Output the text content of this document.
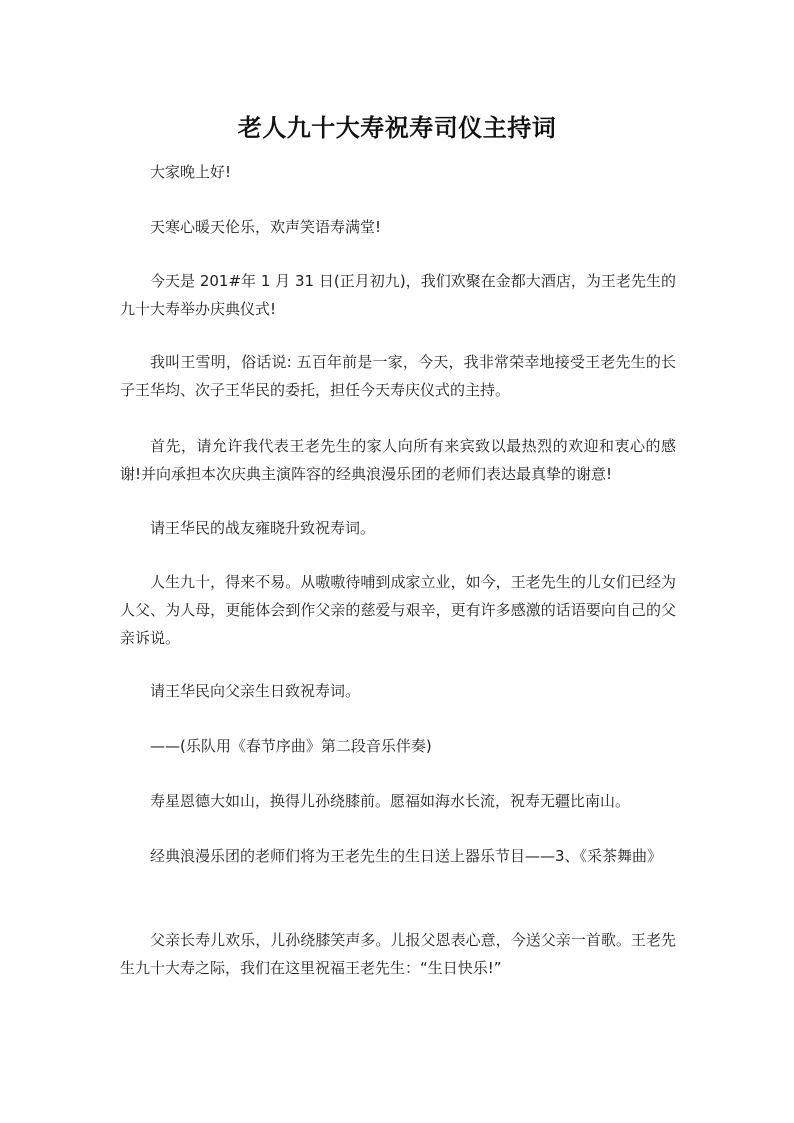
老人九十大寿祝寿司仪主持词

大家晚上好!

天寒心暖天伦乐，欢声笑语寿满堂!

今天是 201#年 1 月 31 日(正月初九)，我们欢聚在金都大酒店，为王老先生的九十大寿举办庆典仪式!

我叫王雪明，俗话说: 五百年前是一家，今天，我非常荣幸地接受王老先生的长子王华均、次子王华民的委托，担任今天寿庆仪式的主持。

首先，请允许我代表王老先生的家人向所有来宾致以最热烈的欢迎和衷心的感谢!并向承担本次庆典主演阵容的经典浪漫乐团的老师们表达最真挚的谢意!

请王华民的战友雍晓升致祝寿词。

人生九十，得来不易。从嗷嗷待哺到成家立业，如今，王老先生的儿女们已经为人父、为人母，更能体会到作父亲的慈爱与艰辛，更有许多感激的话语要向自己的父亲诉说。

请王华民向父亲生日致祝寿词。

——(乐队用《春节序曲》第二段音乐伴奏)

寿星恩德大如山，换得儿孙绕膝前。愿福如海水长流，祝寿无疆比南山。

经典浪漫乐团的老师们将为王老先生的生日送上器乐节目——3、《采茶舞曲》

父亲长寿儿欢乐，儿孙绕膝笑声多。儿报父恩表心意，今送父亲一首歌。王老先生九十大寿之际，我们在这里祝福王老先生：“生日快乐!”
